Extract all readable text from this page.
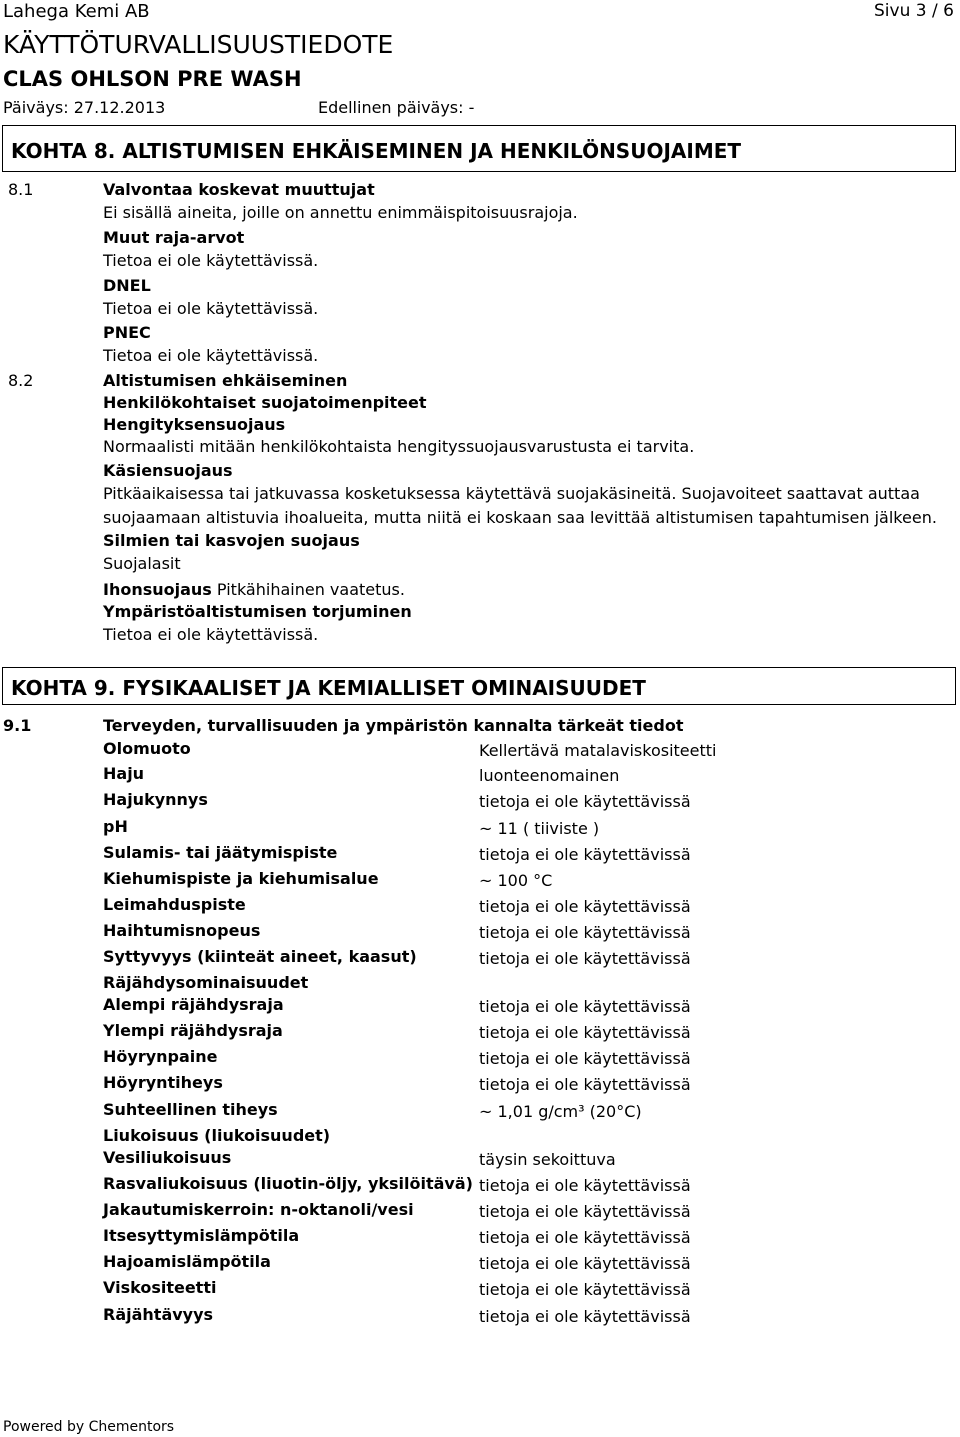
Lahega Kemi AB	Sivu 3 / 6
KÄYTTÖTURVALLISUUSTIEDOTE
CLAS OHLSON PRE WASH
Päiväys: 27.12.2013	Edellinen päiväys: -
KOHTA 8. ALTISTUMISEN EHKÄISEMINEN JA HENKILÖNSUOJAIMET
8.1	Valvontaa koskevat muuttujat
Ei sisällä aineita, joille on annettu enimmäispitoisuusrajoja.
Muut raja-arvot
Tietoa ei ole käytettävissä.
DNEL
Tietoa ei ole käytettävissä.
PNEC
Tietoa ei ole käytettävissä.
8.2	Altistumisen ehkäiseminen
Henkilökohtaiset suojatoimenpiteet
Hengityksensuojaus
Normaalisti mitään henkilökohtaista hengityssuojausvarustusta ei tarvita.
Käsiensuojaus
Pitkäaikaisessa tai jatkuvassa kosketuksessa käytettävä suojakäsineitä. Suojavoiteet saattavat auttaa
suojaamaan altistuvia ihoalueita, mutta niitä ei koskaan saa levittää altistumisen tapahtumisen jälkeen.
Silmien tai kasvojen suojaus
Suojalasit
Ihonsuojaus Pitkähihainen vaatetus.
Ympäristöaltistumisen torjuminen
Tietoa ei ole käytettävissä.
KOHTA 9. FYSIKAALISET JA KEMIALLISET OMINAISUUDET
9.1	Terveyden, turvallisuuden ja ympäristön kannalta tärkeät tiedot
Olomuoto	Kellertävä matalaviskositeetti
Haju	luonteenomainen
Hajukynnys	tietoja ei ole käytettävissä
pH	~ 11 ( tiiviste )
Sulamis- tai jäätymispiste	tietoja ei ole käytettävissä
Kiehumispiste ja kiehumisalue	~ 100 °C
Leimahduspiste	tietoja ei ole käytettävissä
Haihtumisnopeus	tietoja ei ole käytettävissä
Syttyvyys (kiinteät aineet, kaasut)	tietoja ei ole käytettävissä
Räjähdysominaisuudet
Alempi räjähdysraja	tietoja ei ole käytettävissä
Ylempi räjähdysraja	tietoja ei ole käytettävissä
Höyrynpaine	tietoja ei ole käytettävissä
Höyryntiheys	tietoja ei ole käytettävissä
Suhteellinen tiheys	~ 1,01 g/cm³ (20°C)
Liukoisuus (liukoisuudet)
Vesiliukoisuus	täysin sekoittuva
Rasvaliukoisuus (liuotin-öljy, yksilöitävä) tietoja ei ole käytettävissä
Jakautumiskerroin: n-oktanoli/vesi	tietoja ei ole käytettävissä
Itsesyttymislämpötila	tietoja ei ole käytettävissä
Hajoamislämpötila	tietoja ei ole käytettävissä
Viskositeetti	tietoja ei ole käytettävissä
Räjähtävyys	tietoja ei ole käytettävissä
Powered by Chementors
